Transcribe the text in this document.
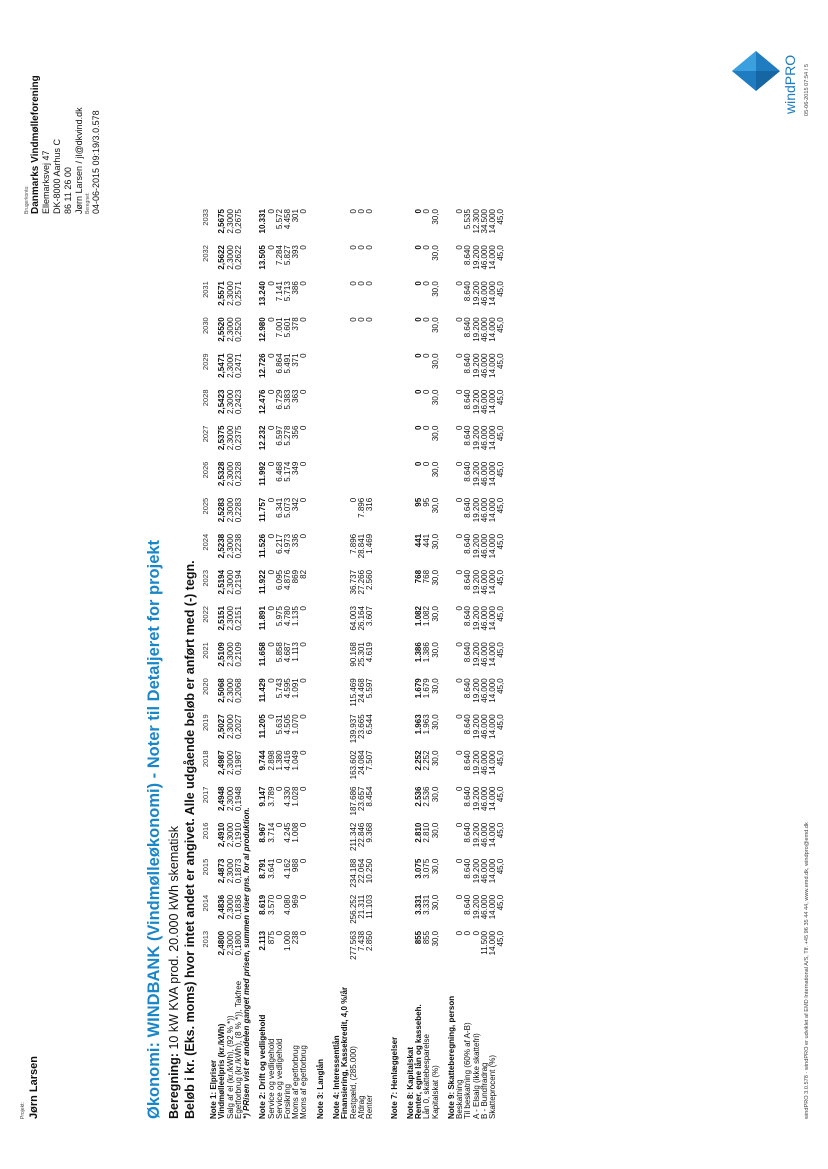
Projekt: Jørn Larsen
Brugerkonto: Danmarks Vindmølleforening Ellemarksvej 47 DK-8000 Aarhus C 86 11 26 00 Jørn Larsen / jl@dkvind.dk Beregnet: 04-06-2015 09:19/3.0.578
windPRO
Økonomi: WINDBANK (Vindmølleøkonomi) - Noter til Detaljeret for projekt Beregning: 10 kW KVA prod. 20.000 kWh skematisk Beløb i kr. (Eks. moms) hvor intet andet er angivet. Alle udgående beløb er anført med (-) tegn.
	2013	2014	2015	2016	2017	2018	2019	2020	2021	2022	2023	2024	2025	2026	2027	2028	2029	2030	2031	2032	2033
Note 1: Elpriser																					
Vindmølleelpris (kr./kWh)	2,4800	2,4836	2,4873	2,4910	2,4948	2,4987	2,5027	2,5068	2,5109	2,5151	2,5194	2,5238	2,5283	2,5328	2,5375	2,5423	2,5471	2,5520	2,5571	2,5622	2,5675
Salg af el (kr./kWh), (92 % *))	2,3000	2,3000	2,3000	2,3000	2,3000	2,3000	2,3000	2,3000	2,3000	2,3000	2,3000	2,3000	2,3000	2,3000	2,3000	2,3000	2,3000	2,3000	2,3000	2,3000	2,3000
Egetforbrug (kr./kWh), (8 % *)), Takfree	0,1800	0,1836	0,1873	0,1910	0,1948	0,1987	0,2027	0,2068	0,2109	0,2151	0,2194	0,2238	0,2283	0,2328	0,2375	0,2423	0,2471	0,2520	0,2571	0,2622	0,2675
*) PRisen vist er andelen ganget med prisen, summen viser gns. for al produktion.																					

Note 2: Drift og vedligehold	2.113	8.619	8.791	8.967	9.147	9.744	11.205	11.429	11.658	11.891	11.922	11.526	11.757	11.992	12.232	12.476	12.726	12.980	13.240	13.505	10.331
Service og vedligehold	875	3.570	3.641	3.714	3.789	2.898	0	0	0	0	0	0	0	0	0	0	0	0	0	0	0
Service og vedligehold	0	0	0	0	0	1.380	5.631	5.743	5.858	5.975	6.095	6.217	6.341	6.468	6.597	6.729	6.864	7.001	7.141	7.284	5.572
Forsikring	1.000	4.080	4.162	4.245	4.330	4.416	4.505	4.595	4.687	4.780	4.876	4.973	5.073	5.174	5.278	5.383	5.491	5.601	5.713	5.827	4.458
Moms af egetforbrug	238	969	988	1.008	1.028	1.049	1.070	1.091	1.113	1.135	869	336	342	349	356	363	371	378	386	393	301
Moms af egetforbrug	0	0	0	0	0	0	0	0	0	0	82	0	0	0	0	0	0	0	0	0	0

Note 3: Langlån																					

Note 4: Interessentlån																					
Finansiering, Kassekredit, 4,0 %/år																					
Restgæld, (285.000)	277.563	256.252	234.188	211.342	187.686	163.602	139.937	115.469	90.168	64.003	36.737	7.896	0					0	0	0	0
Afdrag	7.438	21.311	22.064	22.846	23.657	24.084	23.665	24.468	25.301	26.164	27.266	28.841	7.896					0	0	0	0
Renter	2.850	11.103	10.250	9.368	8.454	7.507	6.544	5.597	4.619	3.607	2.560	1.469	316					0	0	0	0

Note 7: Henlæggelser																					

Note 8: Kapitalskat																					
Renter, egne lån og kassebeh.	855	3.331	3.075	2.810	2.536	2.252	1.963	1.679	1.386	1.082	768	441	95	0	0	0	0	0	0	0	0
Lån 0, skattebesparelse	855	3.331	3.075	2.810	2.536	2.252	1.963	1.679	1.386	1.082	768	441	95	0	0	0	0	0	0	0	0
Kapitalskat (%)	30,0	30,0	30,0	30,0	30,0	30,0	30,0	30,0	30,0	30,0	30,0	30,0	30,0	30,0	30,0	30,0	30,0	30,0	30,0	30,0	30,0

Note 9: Skatteberegning, person																					
Beskatning	0	0	0	0	0	0	0	0	0	0	0	0	0	0	0	0	0	0	0	0	0
Til beskatning (60% af A-B)	0	8.640	8.640	8.640	8.640	8.640	8.640	8.640	8.640	8.640	8.640	8.640	8.640	8.640	8.640	8.640	8.640	8.640	8.640	8.640	5.535
A - Elsalg (ikke skattefri)	0	19.200	19.200	19.200	19.200	19.200	19.200	19.200	19.200	19.200	19.200	19.200	19.200	19.200	19.200	19.200	19.200	19.200	19.200	19.200	12.300
B - Bundfradrag	11.500	46.000	46.000	46.000	46.000	46.000	46.000	46.000	46.000	46.000	46.000	46.000	46.000	46.000	46.000	46.000	46.000	46.000	46.000	46.000	34.500
Skatteprocent (%)	14.000	14.000	14.000	14.000	14.000	14.000	14.000	14.000	14.000	14.000	14.000	14.000	14.000	14.000	14.000	14.000	14.000	14.000	14.000	14.000	14.000
	45,0	45,0	45,0	45,0	45,0	45,0	45,0	45,0	45,0	45,0	45,0	45,0	45,0	45,0	45,0	45,0	45,0	45,0	45,0	45,0	45,0
windPRO 3.0.578 · windPRO er udviklet af EMD International A/S, Tlf. +45 96 35 44 44, www.emd.dk, windpro@emd.dk
05-06-2015 07:54 / 5
